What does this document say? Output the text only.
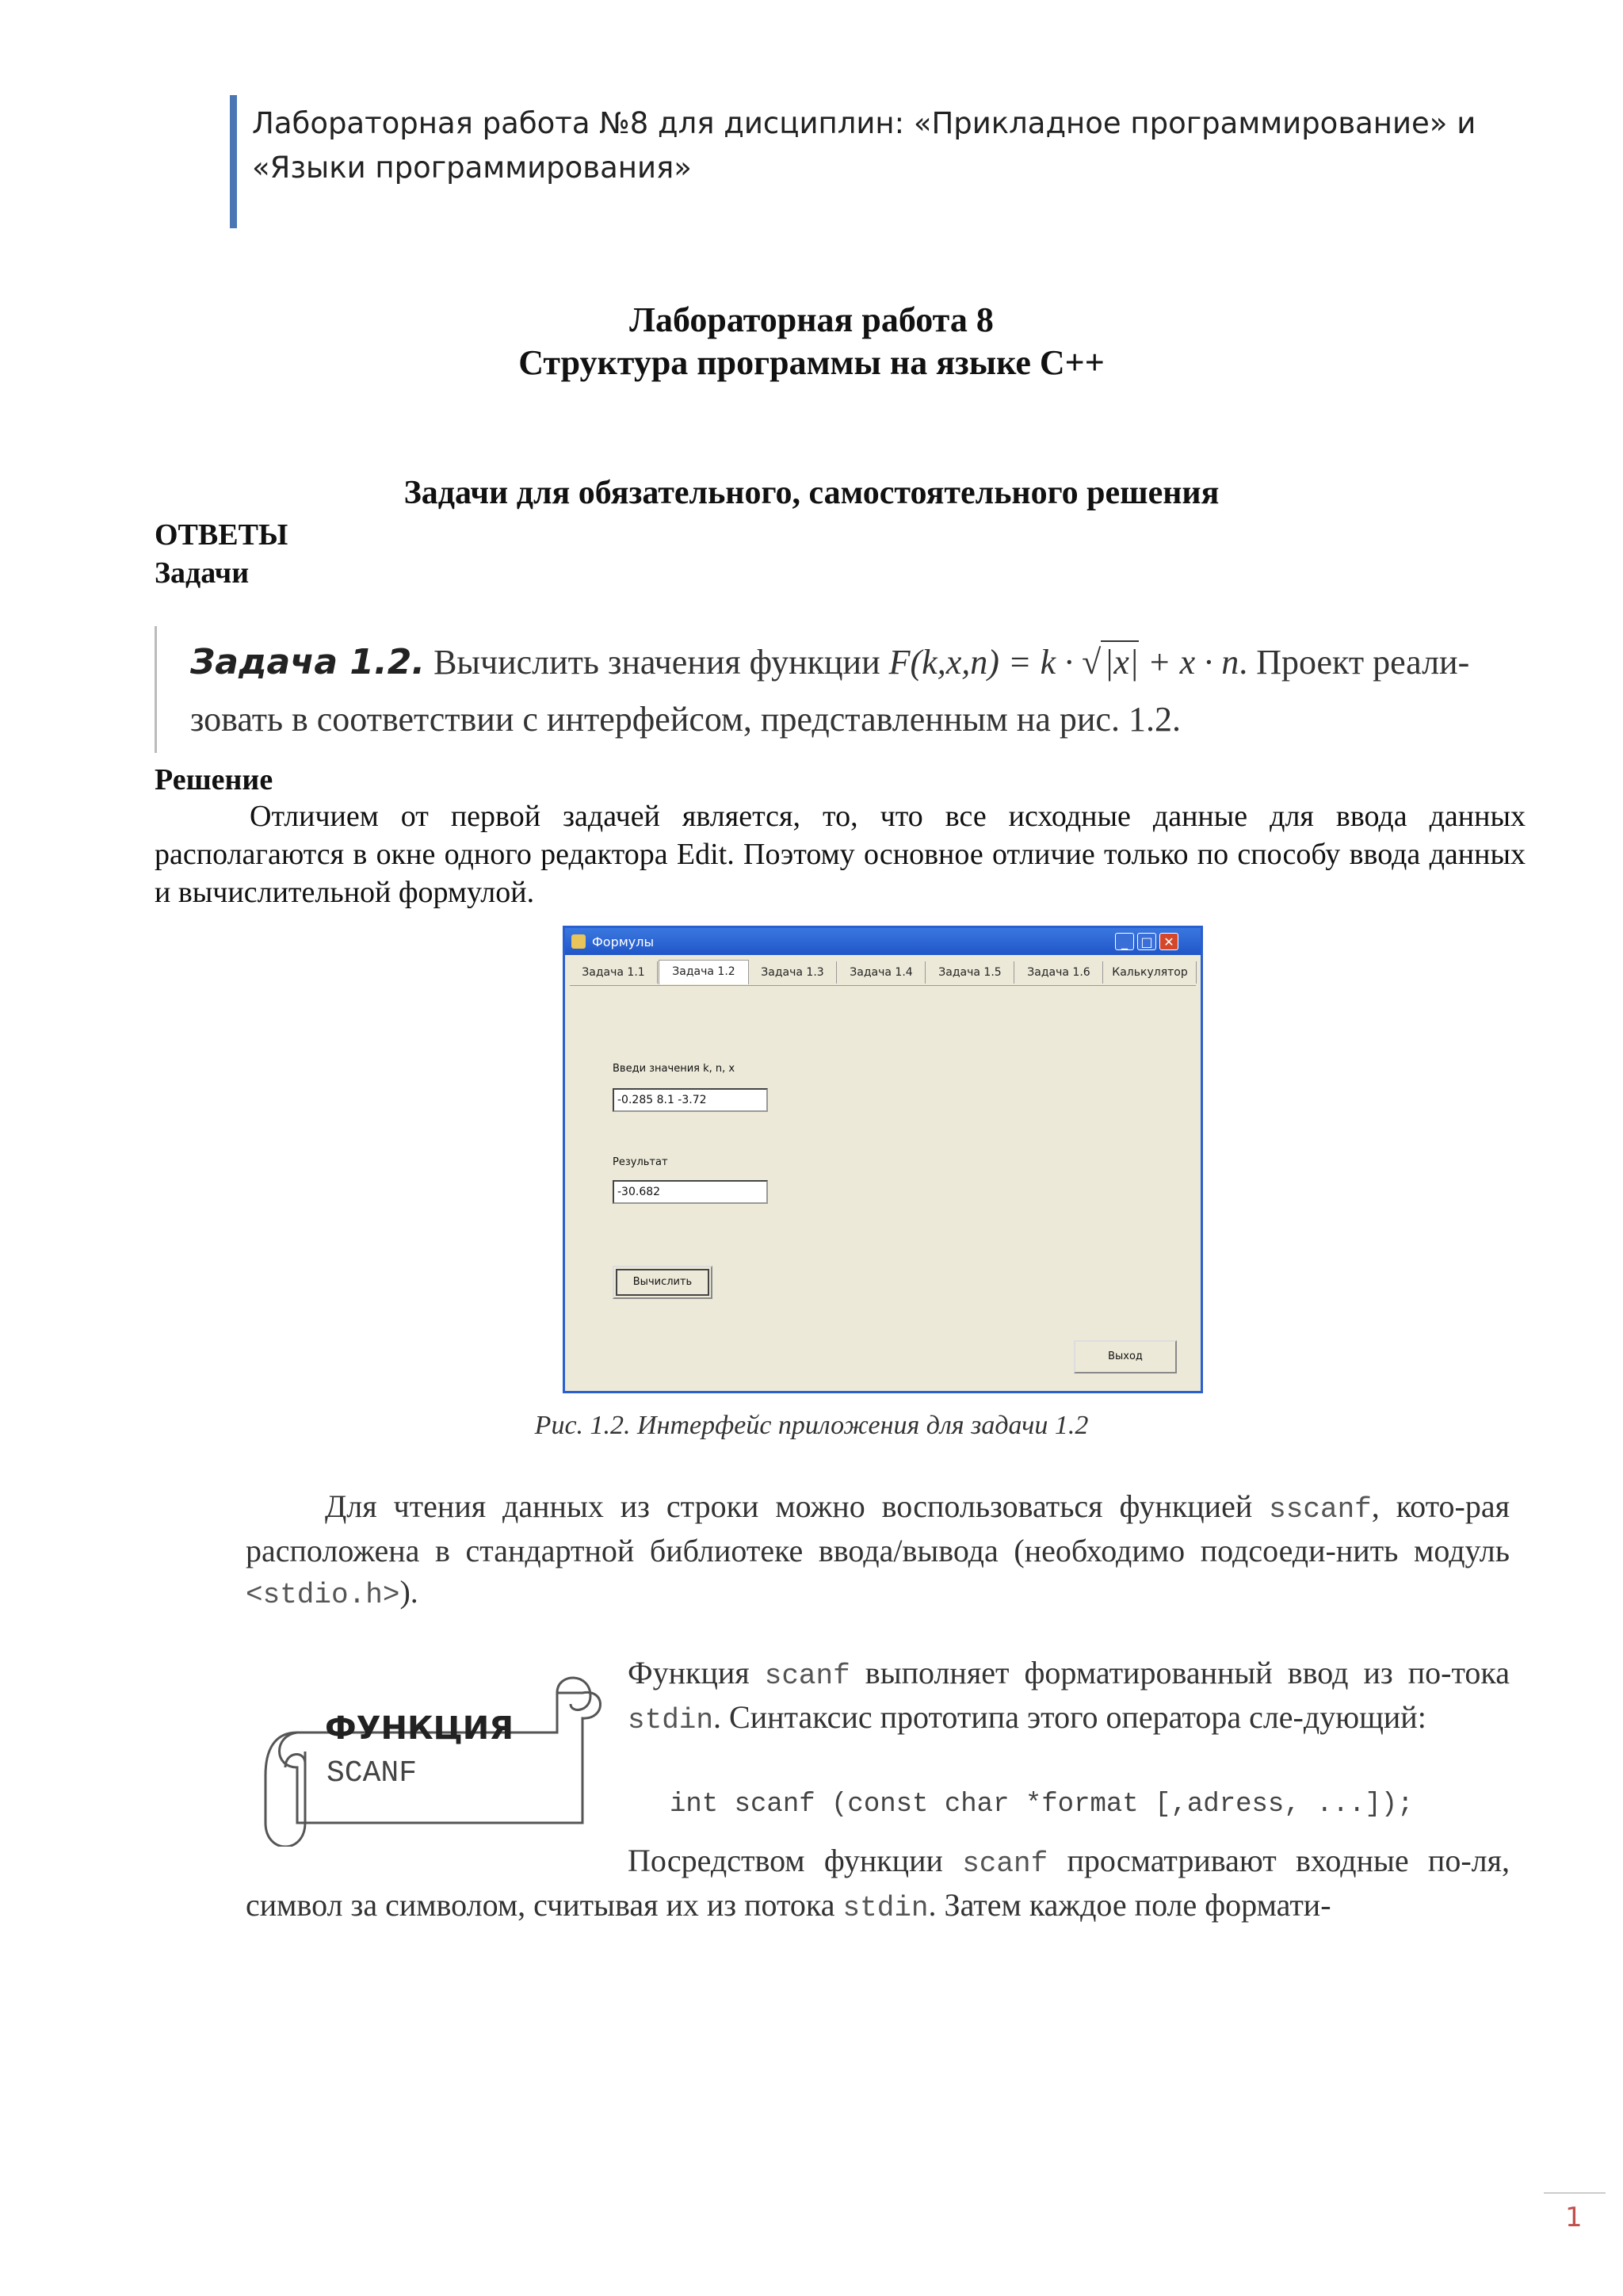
Лабораторная работа №8 для дисциплин: «Прикладное программирование» и «Языки программирования»
Лабораторная работа 8
Структура программы на языке C++
Задачи для обязательного, самостоятельного решения
ОТВЕТЫ
Задачи
Задача 1.2. Вычислить значения функции F(k,x,n) = k · √|x| + x · n. Проект реали-
зовать в соответствии с интерфейсом, представленным на рис. 1.2.
Решение
Отличием от первой задачей является, то, что все исходные данные для ввода данных располагаются в окне одного редактора Edit. Поэтому основное отличие только по способу ввода данных и вычислительной формулой.
Формулы	_	□ ✕
Задача 1.1	Задача 1.2	Задача 1.3	Задача 1.4	Задача 1.5	Задача 1.6	Калькулятор
Введи значения k, n, x
-0.285 8.1 -3.72
Результат
-30.682
Вычислить
Выход
Рис. 1.2. Интерфейс приложения для задачи 1.2
Для чтения данных из строки можно воспользоваться функцией sscanf, кото-рая расположена в стандартной библиотеке ввода/вывода (необходимо подсоеди-нить модуль <stdio.h>).
ФУНКЦИЯ
SCANF
Функция scanf выполняет форматированный ввод из по-тока stdin. Синтаксис прототипа этого оператора сле-дующий:
int scanf (const char *format [,adress, ...]);
Посредством функции scanf просматривают входные по-ля, символ за символом, считывая их из потока stdin. Затем каждое поле формати-
1
